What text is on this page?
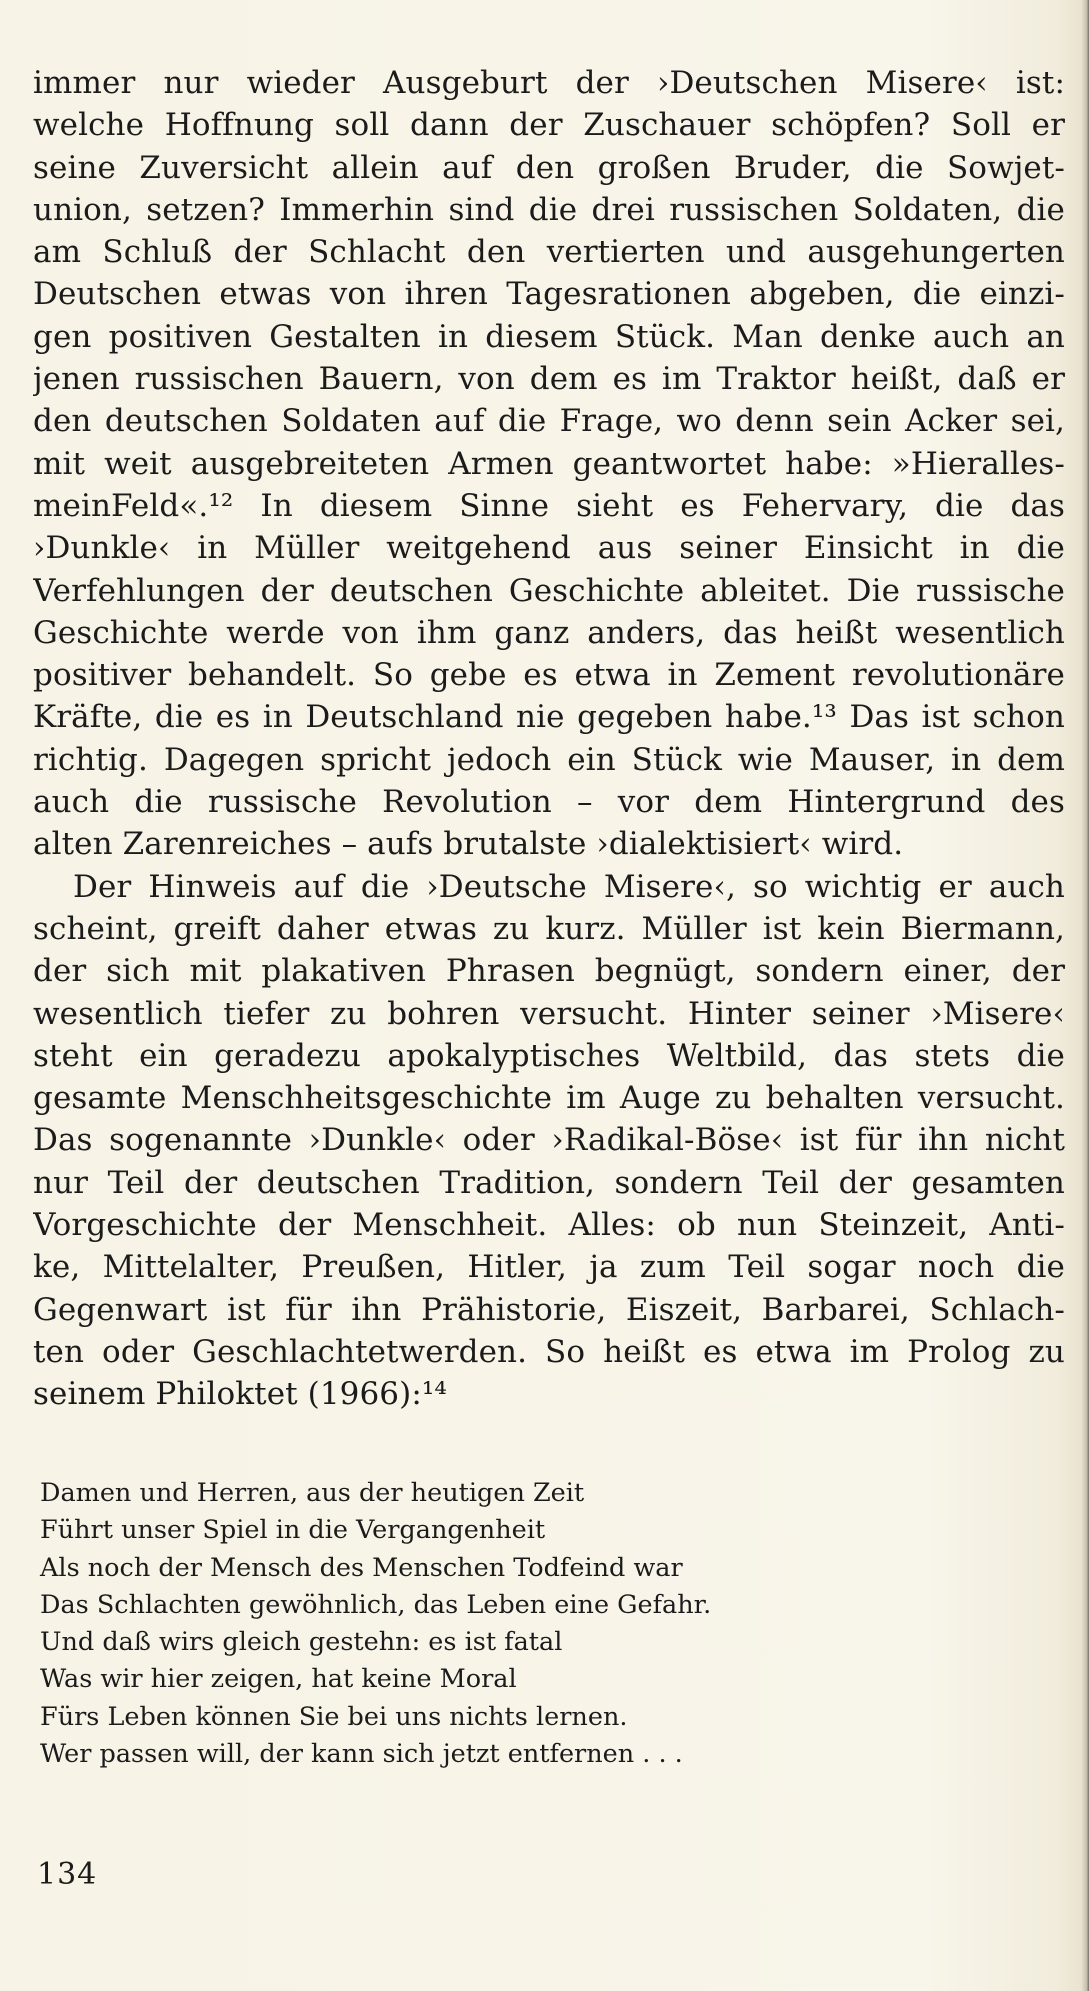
immer nur wieder Ausgeburt der ›Deutschen Misere‹ ist:
welche Hoffnung soll dann der Zuschauer schöpfen? Soll er
seine Zuversicht allein auf den großen Bruder, die Sowjet-
union, setzen? Immerhin sind die drei russischen Soldaten, die
am Schluß der Schlacht den vertierten und ausgehungerten
Deutschen etwas von ihren Tagesrationen abgeben, die einzi-
gen positiven Gestalten in diesem Stück. Man denke auch an
jenen russischen Bauern, von dem es im Traktor heißt, daß er
den deutschen Soldaten auf die Frage, wo denn sein Acker sei,
mit weit ausgebreiteten Armen geantwortet habe: »Hieralles-
meinFeld«.¹² In diesem Sinne sieht es Fehervary, die das
›Dunkle‹ in Müller weitgehend aus seiner Einsicht in die
Verfehlungen der deutschen Geschichte ableitet. Die russische
Geschichte werde von ihm ganz anders, das heißt wesentlich
positiver behandelt. So gebe es etwa in Zement revolutionäre
Kräfte, die es in Deutschland nie gegeben habe.¹³ Das ist schon
richtig. Dagegen spricht jedoch ein Stück wie Mauser, in dem
auch die russische Revolution – vor dem Hintergrund des
alten Zarenreiches – aufs brutalste ›dialektisiert‹ wird.
Der Hinweis auf die ›Deutsche Misere‹, so wichtig er auch
scheint, greift daher etwas zu kurz. Müller ist kein Biermann,
der sich mit plakativen Phrasen begnügt, sondern einer, der
wesentlich tiefer zu bohren versucht. Hinter seiner ›Misere‹
steht ein geradezu apokalyptisches Weltbild, das stets die
gesamte Menschheitsgeschichte im Auge zu behalten versucht.
Das sogenannte ›Dunkle‹ oder ›Radikal-Böse‹ ist für ihn nicht
nur Teil der deutschen Tradition, sondern Teil der gesamten
Vorgeschichte der Menschheit. Alles: ob nun Steinzeit, Anti-
ke, Mittelalter, Preußen, Hitler, ja zum Teil sogar noch die
Gegenwart ist für ihn Prähistorie, Eiszeit, Barbarei, Schlach-
ten oder Geschlachtetwerden. So heißt es etwa im Prolog zu
seinem Philoktet (1966):¹⁴
Damen und Herren, aus der heutigen Zeit
Führt unser Spiel in die Vergangenheit
Als noch der Mensch des Menschen Todfeind war
Das Schlachten gewöhnlich, das Leben eine Gefahr.
Und daß wirs gleich gestehn: es ist fatal
Was wir hier zeigen, hat keine Moral
Fürs Leben können Sie bei uns nichts lernen.
Wer passen will, der kann sich jetzt entfernen . . .
134
